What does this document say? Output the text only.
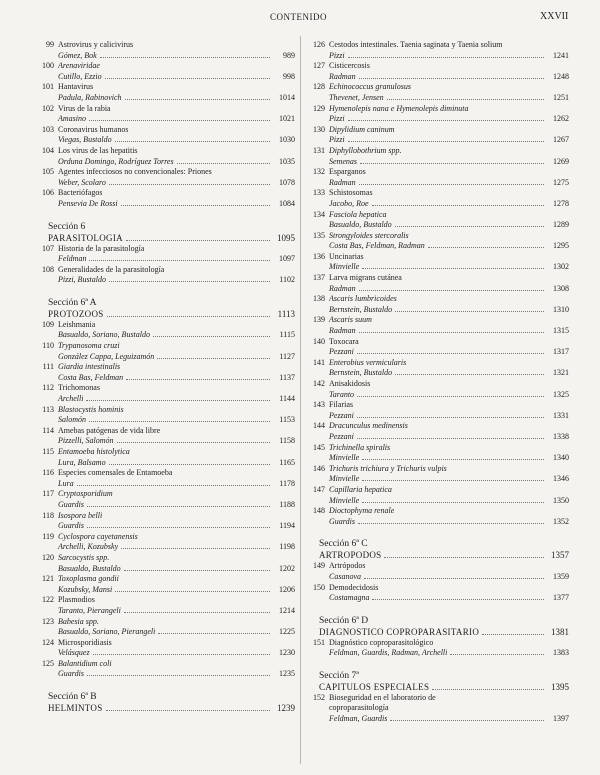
CONTENIDO	XXVII
99 Astrovirus y calicivirus
Gómez, Bok	989
100 Arenaviridae
Cutillo, Ezzio	998
101 Hantavirus
Padula, Rabinovich	1014
102 Virus de la rabia
Amasino	1021
103 Coronavirus humanos
Viegas, Bustaldo	1030
104 Los virus de las hepatitis
Orduna Domingo, Rodríguez Torres	1035
105 Agentes infecciosos no convencionales: Priones
Weber, Scolaro	1078
106 Bacteriófagos
Pensevia De Rossi	1084
Sección 6
PARASITOLOGIA	1095
107 Historia de la parasitología
Feldman	1097
108 Generalidades de la parasitología
Pizzi, Bustaldo	1102
Sección 6ª A
PROTOZOOS	1113
109 Leishmania
Basualdo, Soriano, Bustaldo	1115
110 Trypanosoma cruzi
González Cappa, Leguizamón	1127
111 Giardia intestinalis
Costa Bas, Feldman	1137
112 Trichomonas
Archelli	1144
113 Blastocystis hominis
Salomón	1153
114 Amebas patógenas de vida libre
Pizzelli, Salomón	1158
115 Entamoeba histolytica
Lura, Balsamo	1165
116 Especies comensales de Entamoeba
Lura	1178
117 Cryptosporidium
Guardis	1188
118 Isospora belli
Guardis	1194
119 Cyclospora cayetanensis
Archelli, Kozubsky	1198
120 Sarcocystis spp.
Basualdo, Bustaldo	1202
121 Toxoplasma gondii
Kozubsky, Mansi	1206
122 Plasmodios
Taranto, Pierangeli	1214
123 Babesia spp.
Basualdo, Soriano, Pierangeli	1225
124 Microsporidiasis
Velásquez	1230
125 Balantidium coli
Guardis	1235
Sección 6ª B
HELMINTOS	1239
126 Cestodos intestinales. Taenia saginata y Taenia solium
Pizzi	1241
127 Cisticercosis
Radman	1248
128 Echinococcus granulosus
Thevenet, Jensen	1251
129 Hymenolepis nana e Hymenolepis diminuta
Pizzi	1262
130 Dipylidium caninum
Pizzi	1267
131 Diphyllobothrium spp.
Semenas	1269
132 Esparganos
Radman	1275
133 Schistosomas
Jacobo, Roe	1278
134 Fasciola hepatica
Basualdo, Bustaldo	1289
135 Strongyloides stercoralis
Costa Bas, Feldman, Radman	1295
136 Uncinarias
Minvielle	1302
137 Larva migrans cutánea
Radman	1308
138 Ascaris lumbricoides
Bernstein, Bustaldo	1310
139 Ascaris suum
Radman	1315
140 Toxocara
Pezzani	1317
141 Enterobius vermicularis
Bernstein, Bustaldo	1321
142 Anisakidosis
Taranto	1325
143 Filarias
Pezzani	1331
144 Dracunculus medinensis
Pezzani	1338
145 Trichinella spiralis
Minvielle	1340
146 Trichuris trichiura y Trichuris vulpis
Minvielle	1346
147 Capillaria hepatica
Minvielle	1350
148 Dioctophyma renale
Guardis	1352
Sección 6ª C
ARTROPODOS	1357
149 Artrópodos
Casanova	1359
150 Demodecidosis
Costamagna	1377
Sección 6ª D
DIAGNOSTICO COPROPARASITARIO	1381
151 Diagnóstico coproparasitológico
Feldman, Guardis, Radman, Archelli	1383
Sección 7ª
CAPITULOS ESPECIALES	1395
152 Bioseguridad en el laboratorio de
coproparasitología
Feldman, Guardis	1397
